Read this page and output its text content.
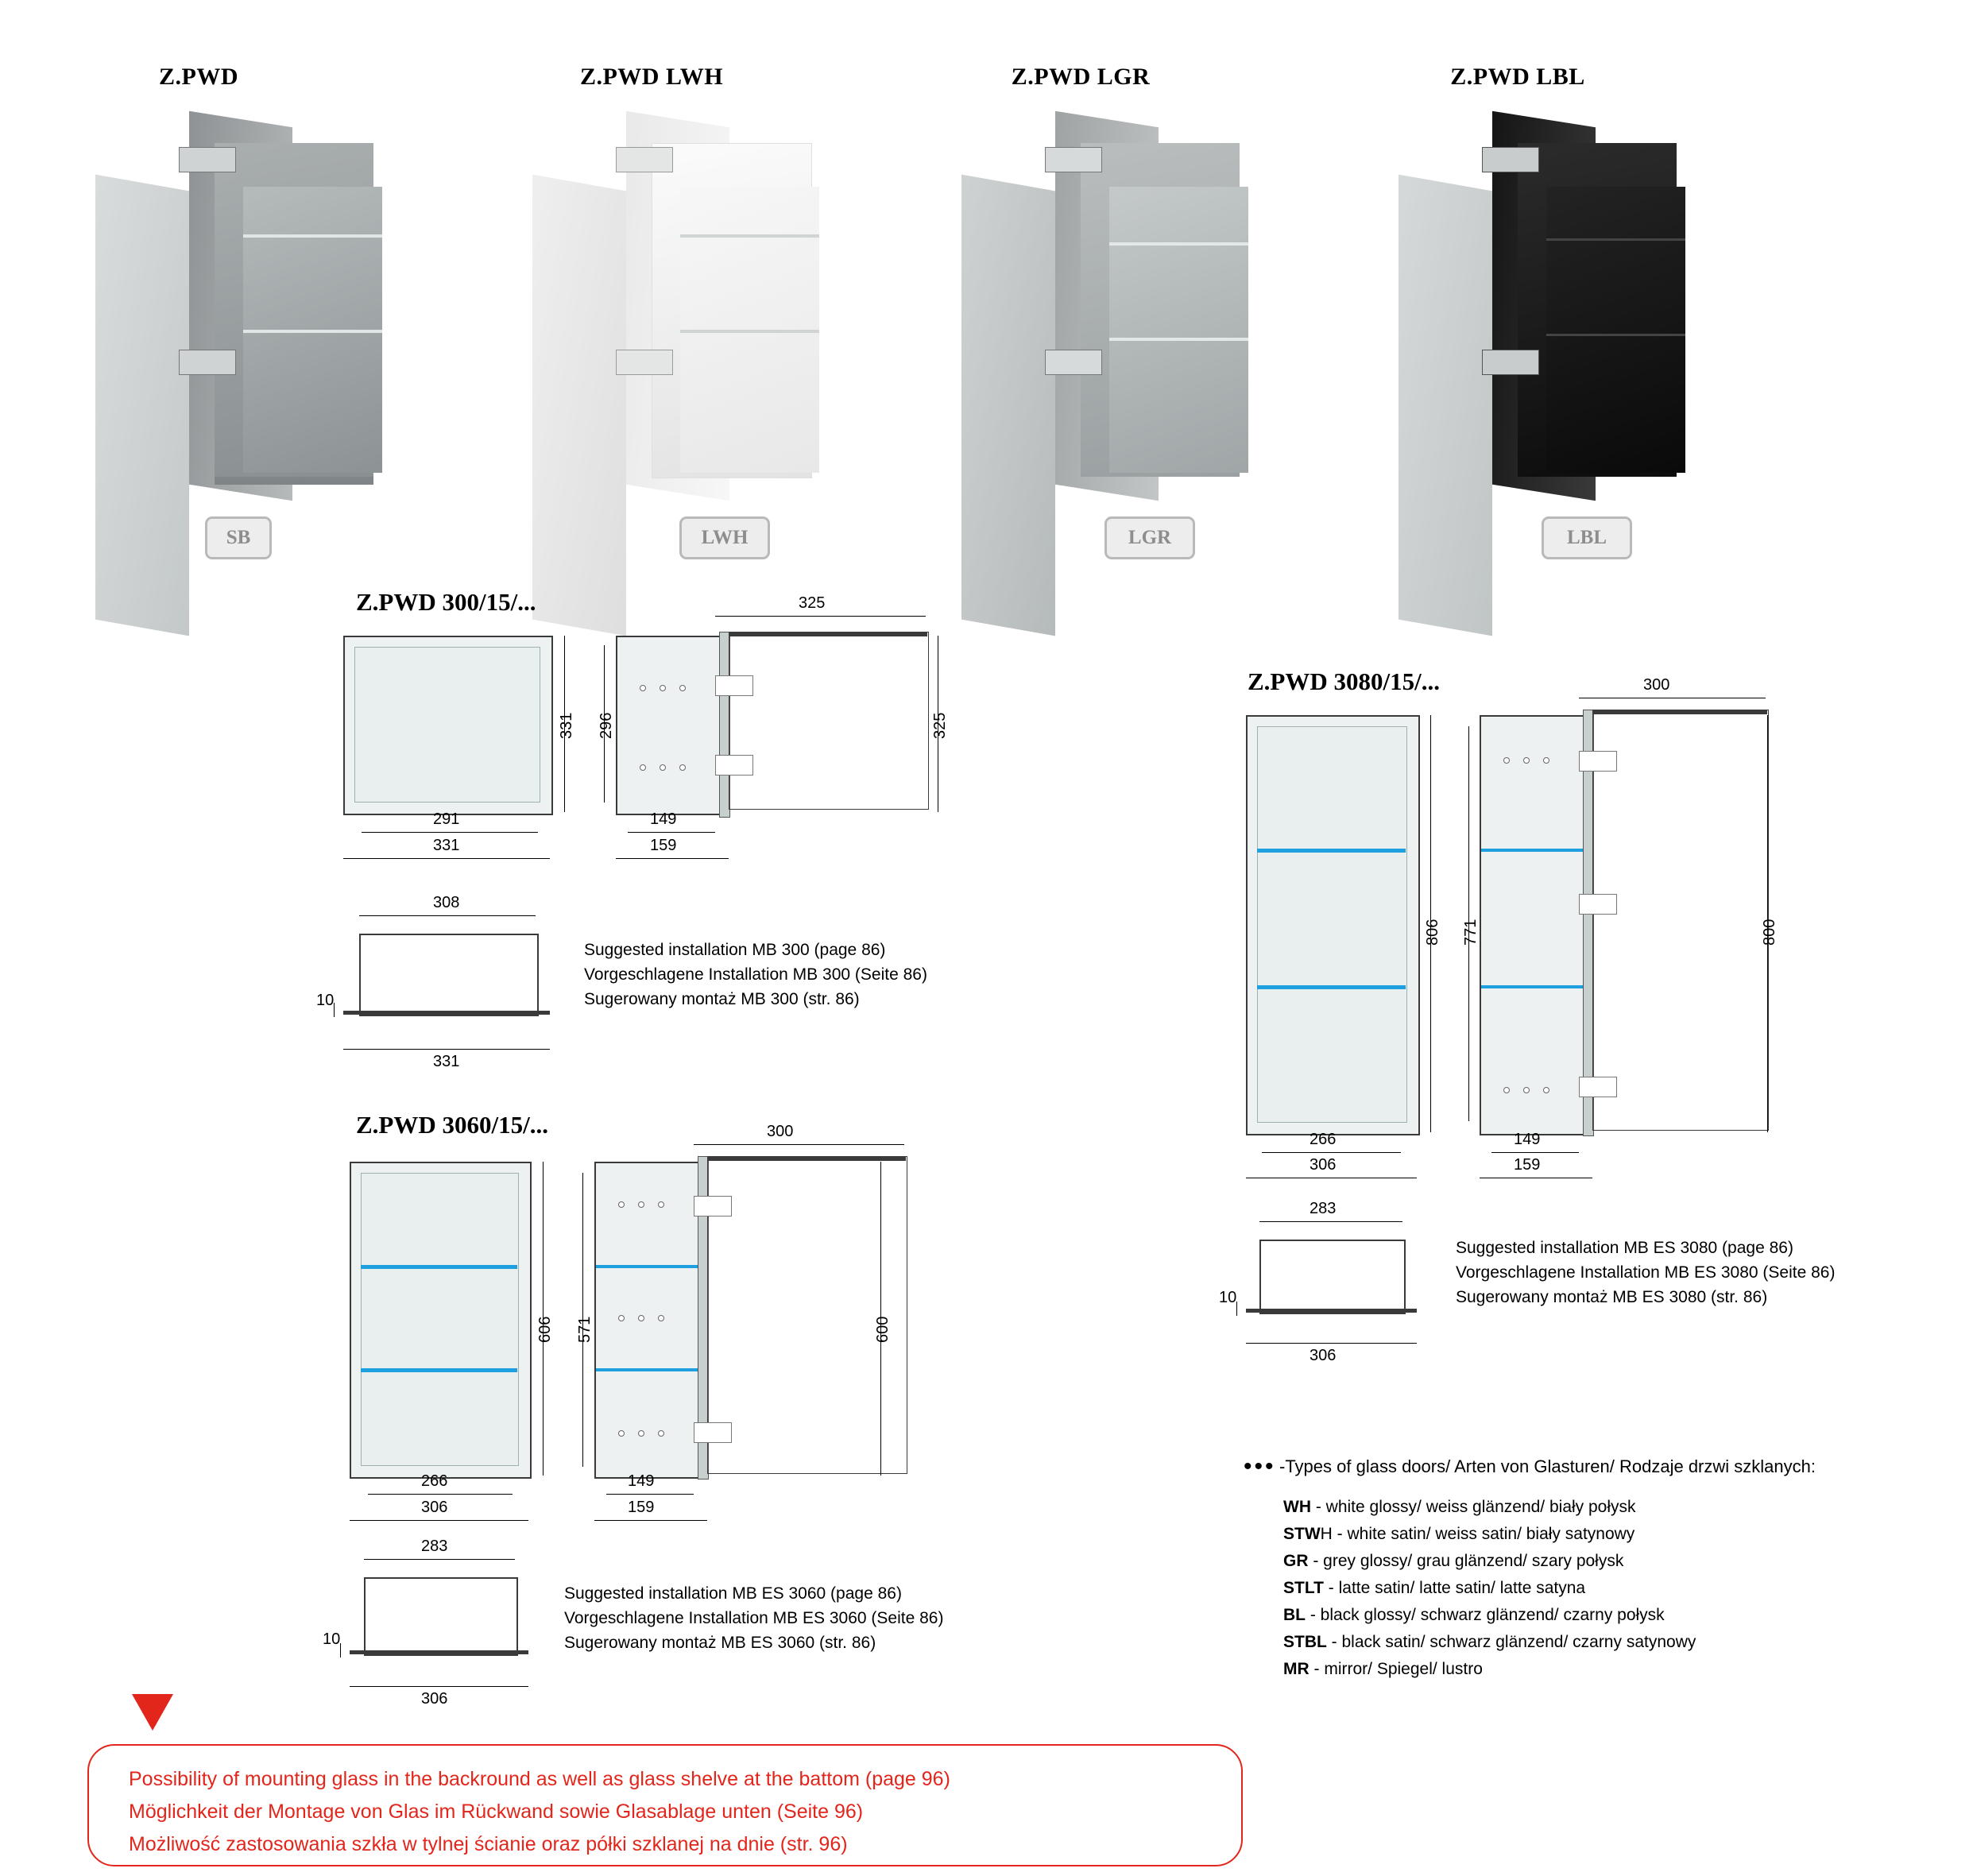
Z.PWD
SB
Z.PWD LWH
LWH
Z.PWD LGR
LGR
Z.PWD LBL
LBL
Z.PWD 300/15/...
331
291
331
325
325
296
149
159
308
331
10
Suggested installation MB 300 (page 86)
Vorgeschlagene Installation MB 300 (Seite 86)
Sugerowany montaż MB 300 (str. 86)
Z.PWD 3060/15/...
606
266
306
300
600
571
149
159
283
306
10
Suggested installation MB ES 3060 (page 86)
Vorgeschlagene Installation MB ES 3060 (Seite 86)
Sugerowany montaż MB ES 3060 (str. 86)
Z.PWD 3080/15/...
806
266
306
300
800
771
149
159
283
306
10
Suggested installation MB ES 3080 (page 86)
Vorgeschlagene Installation MB ES 3080 (Seite 86)
Sugerowany montaż MB ES 3080 (str. 86)
••• -Types of glass doors/ Arten von Glasturen/ Rodzaje drzwi szklanych:
WH - white glossy/ weiss glänzend/ biały połysk
STWH - white satin/ weiss satin/ biały satynowy
GR - grey glossy/ grau glänzend/ szary połysk
STLT - latte satin/ latte satin/ latte satyna
BL - black glossy/ schwarz glänzend/ czarny połysk
STBL - black satin/ schwarz glänzend/ czarny satynowy
MR - mirror/ Spiegel/ lustro

Possibility of mounting glass in the backround as well as glass shelve at the battom (page 96)

Möglichkeit der Montage von Glas im Rückwand sowie Glasablage unten (Seite 96)

Możliwość zastosowania szkła w tylnej ścianie oraz półki szklanej na dnie (str. 96)
